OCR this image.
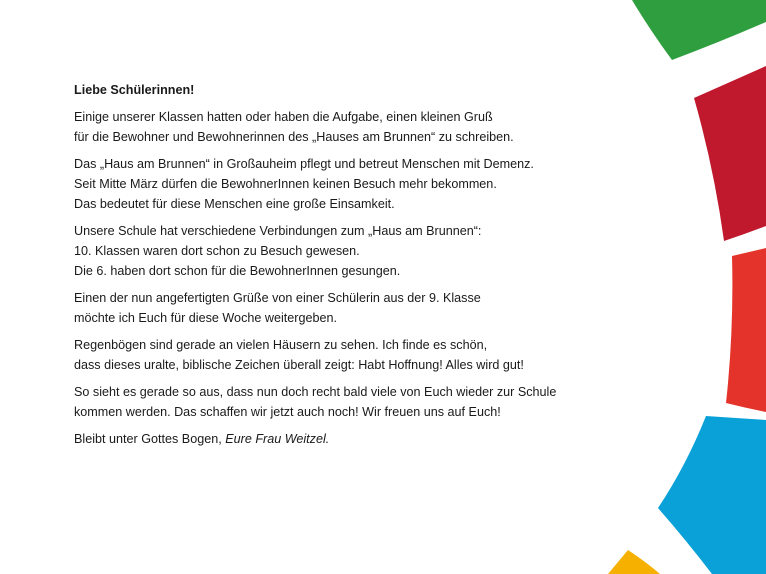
Liebe Schülerinnen!

Einige unserer Klassen hatten oder haben die Aufgabe, einen kleinen Gruß
für die Bewohner und Bewohnerinnen des „Hauses am Brunnen“ zu schreiben.

Das „Haus am Brunnen“ in Großauheim pflegt und betreut Menschen mit Demenz.
Seit Mitte März dürfen die BewohnerInnen keinen Besuch mehr bekommen.
Das bedeutet für diese Menschen eine große Einsamkeit.

Unsere Schule hat verschiedene Verbindungen zum „Haus am Brunnen“:
10. Klassen waren dort schon zu Besuch gewesen.
Die 6. haben dort schon für die BewohnerInnen gesungen.

Einen der nun angefertigten Grüße von einer Schülerin aus der 9. Klasse
möchte ich Euch für diese Woche weitergeben.

Regenbögen sind gerade an vielen Häusern zu sehen. Ich finde es schön,
dass dieses uralte, biblische Zeichen überall zeigt: Habt Hoffnung! Alles wird gut!

So sieht es gerade so aus, dass nun doch recht bald viele von Euch wieder zur Schule
kommen werden. Das schaffen wir jetzt auch noch! Wir freuen uns auf Euch!

Bleibt unter Gottes Bogen, Eure Frau Weitzel.
